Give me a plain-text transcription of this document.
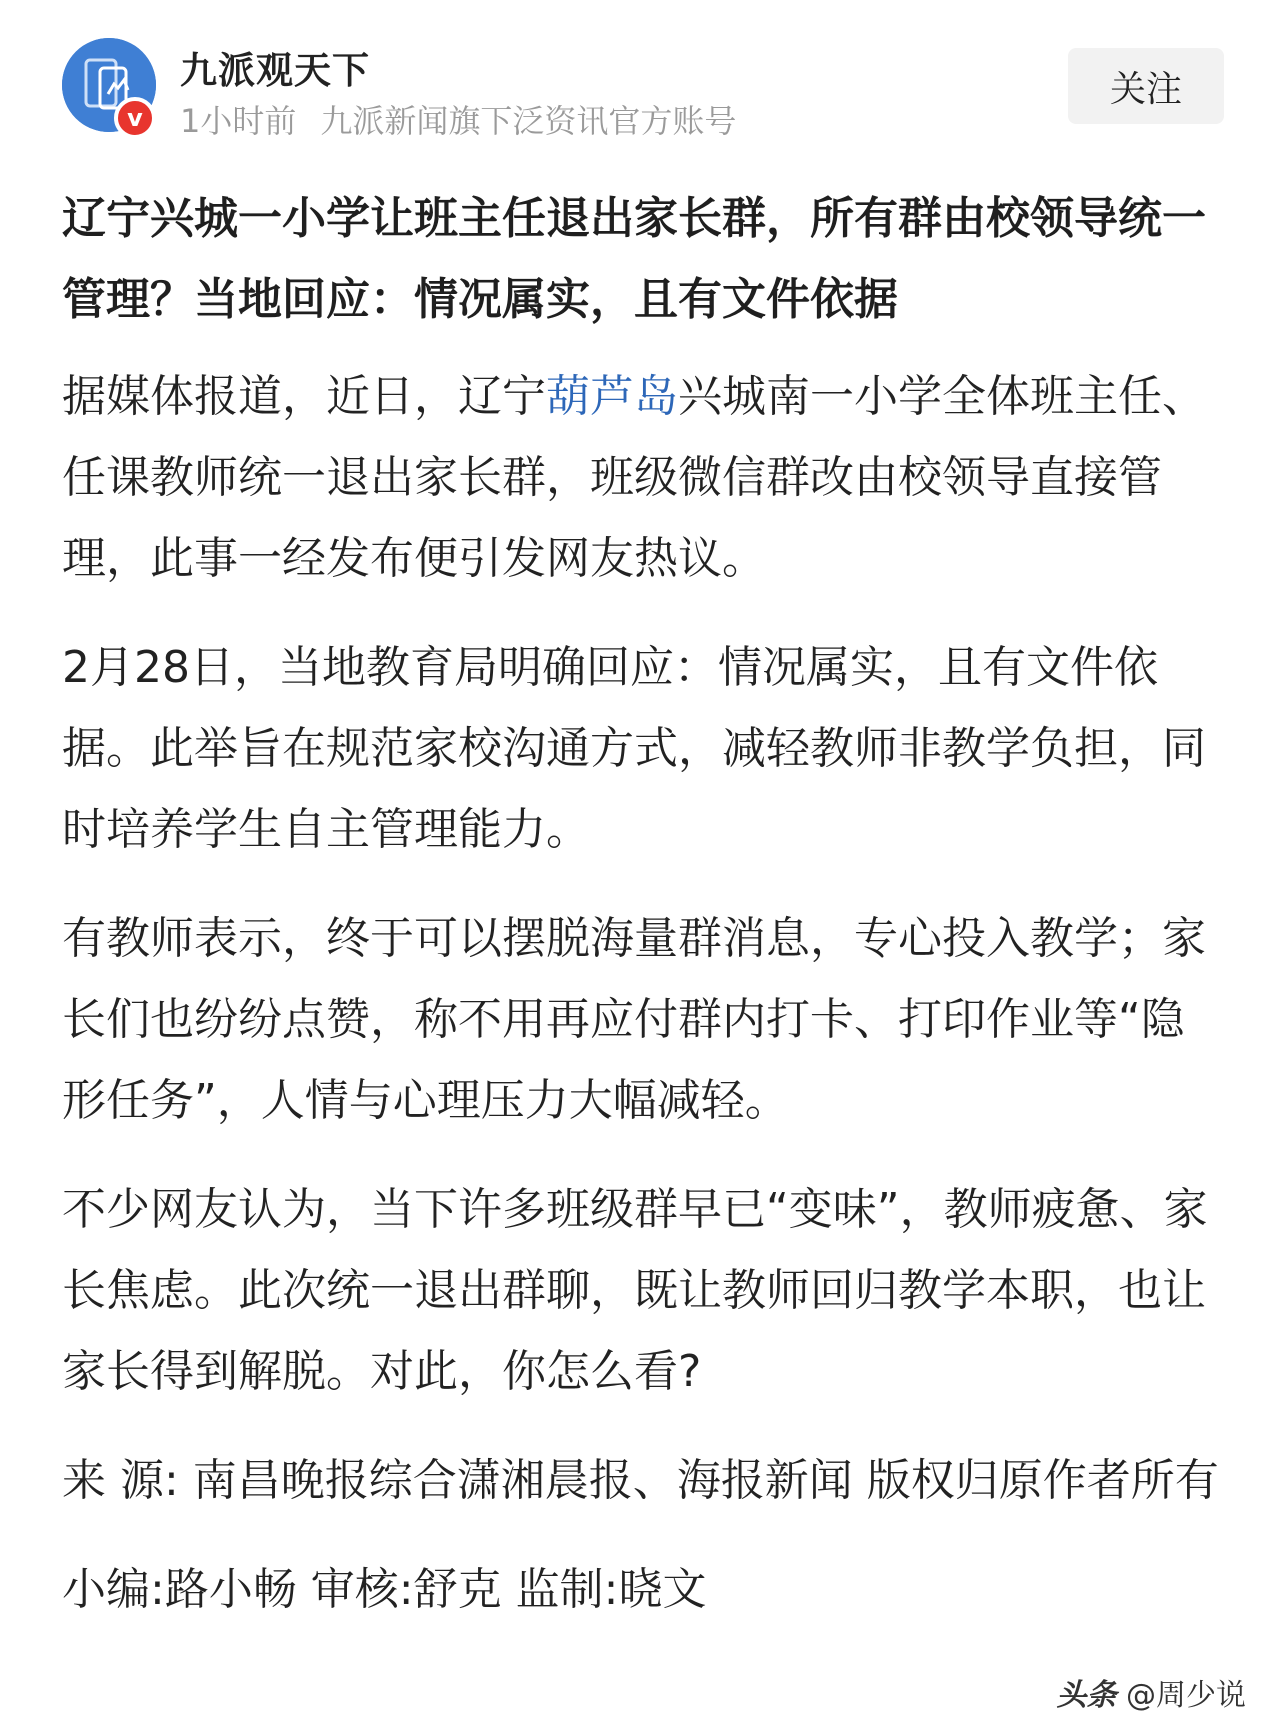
v
九派观天下
1小时前 九派新闻旗下泛资讯官方账号
关注
辽宁兴城一小学让班主任退出家长群，所有群由校领导统一管理？当地回应：情况属实，且有文件依据
据媒体报道，近日，辽宁葫芦岛兴城南一小学全体班主任、任课教师统一退出家长群，班级微信群改由校领导直接管理，此事一经发布便引发网友热议。
2月28日，当地教育局明确回应：情况属实，且有文件依据。此举旨在规范家校沟通方式，减轻教师非教学负担，同时培养学生自主管理能力。
有教师表示，终于可以摆脱海量群消息，专心投入教学；家长们也纷纷点赞，称不用再应付群内打卡、打印作业等“隐形任务”，人情与心理压力大幅减轻。
不少网友认为，当下许多班级群早已“变味”，教师疲惫、家长焦虑。此次统一退出群聊，既让教师回归教学本职，也让家长得到解脱。对此，你怎么看?
来 源: 南昌晚报综合潇湘晨报、海报新闻 版权归原作者所有
小编:路小畅 审核:舒克 监制:晓文
头条 @周少说
